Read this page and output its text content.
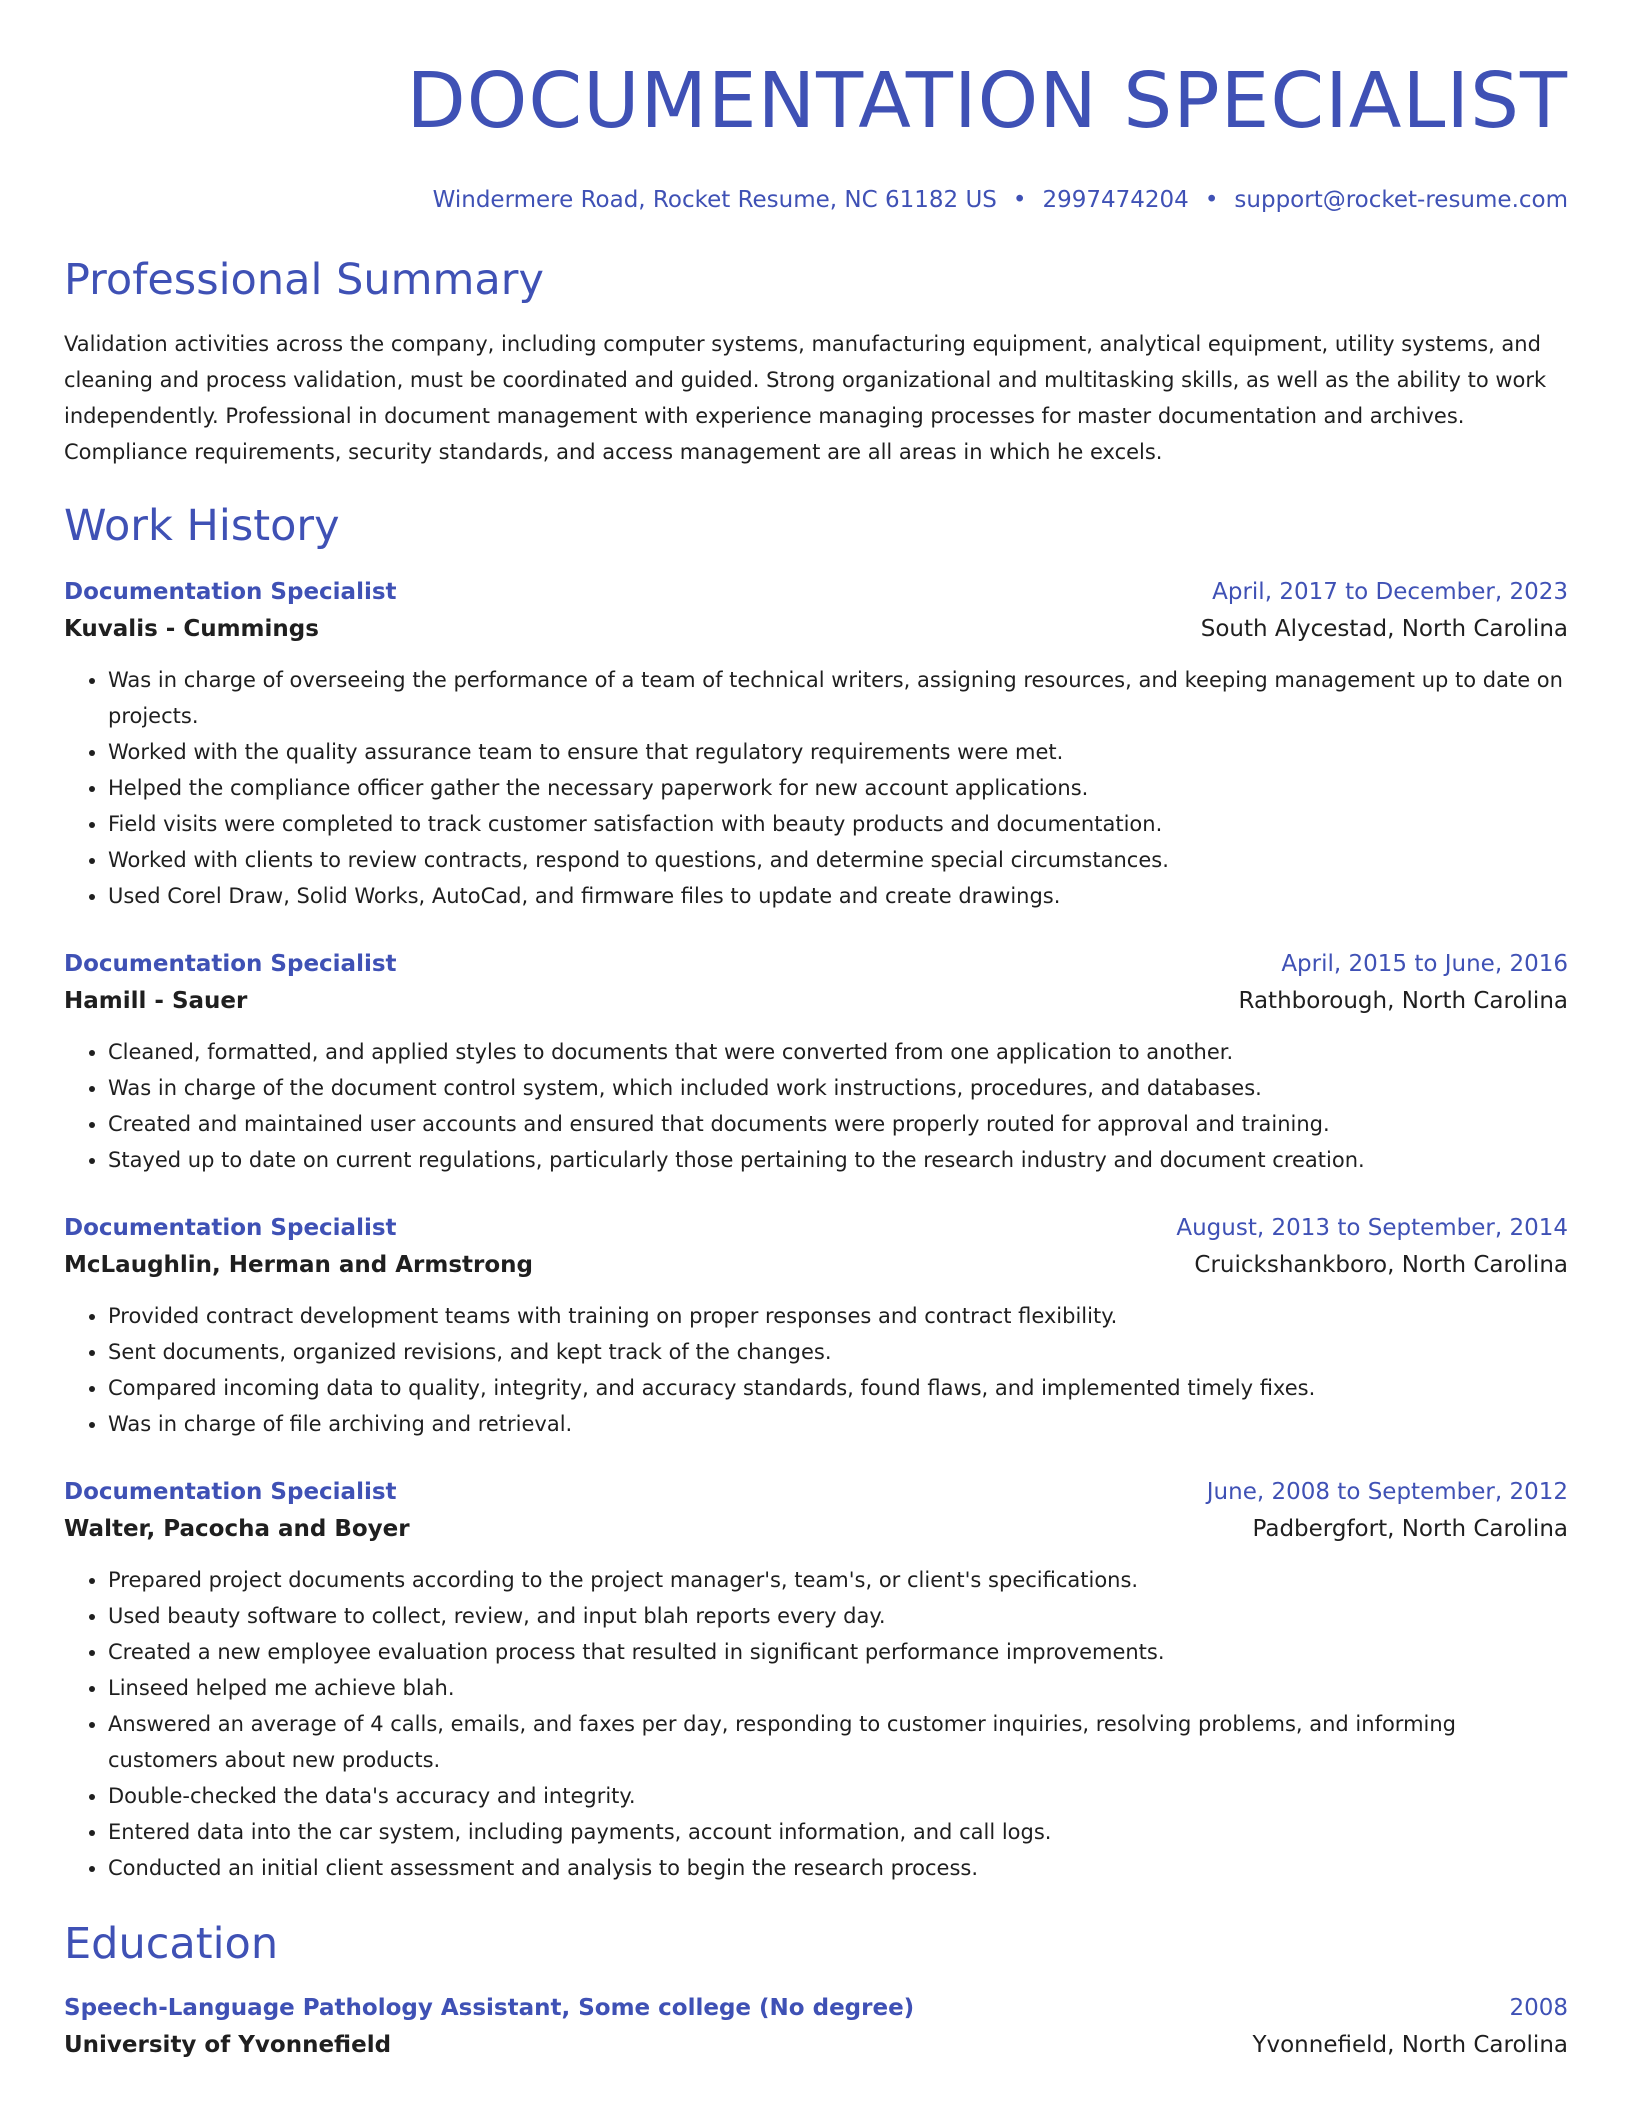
DOCUMENTATION SPECIALIST
Windermere Road, Rocket Resume, NC 61182 US • 2997474204 • support@rocket-resume.com
Professional Summary
Validation activities across the company, including computer systems, manufacturing equipment, analytical equipment, utility systems, and cleaning and process validation, must be coordinated and guided. Strong organizational and multitasking skills, as well as the ability to work independently. Professional in document management with experience managing processes for master documentation and archives. Compliance requirements, security standards, and access management are all areas in which he excels.
Work History
Documentation Specialist	April, 2017 to December, 2023
Kuvalis - Cummings	South Alycestad, North Carolina
• Was in charge of overseeing the performance of a team of technical writers, assigning resources, and keeping management up to date on projects.
• Worked with the quality assurance team to ensure that regulatory requirements were met.
• Helped the compliance officer gather the necessary paperwork for new account applications.
• Field visits were completed to track customer satisfaction with beauty products and documentation.
• Worked with clients to review contracts, respond to questions, and determine special circumstances.
• Used Corel Draw, Solid Works, AutoCad, and firmware files to update and create drawings.
Documentation Specialist	April, 2015 to June, 2016
Hamill - Sauer	Rathborough, North Carolina
• Cleaned, formatted, and applied styles to documents that were converted from one application to another.
• Was in charge of the document control system, which included work instructions, procedures, and databases.
• Created and maintained user accounts and ensured that documents were properly routed for approval and training.
• Stayed up to date on current regulations, particularly those pertaining to the research industry and document creation.
Documentation Specialist	August, 2013 to September, 2014
McLaughlin, Herman and Armstrong	Cruickshankboro, North Carolina
• Provided contract development teams with training on proper responses and contract flexibility.
• Sent documents, organized revisions, and kept track of the changes.
• Compared incoming data to quality, integrity, and accuracy standards, found flaws, and implemented timely fixes.
• Was in charge of file archiving and retrieval.
Documentation Specialist	June, 2008 to September, 2012
Walter, Pacocha and Boyer	Padbergfort, North Carolina
• Prepared project documents according to the project manager's, team's, or client's specifications.
• Used beauty software to collect, review, and input blah reports every day.
• Created a new employee evaluation process that resulted in significant performance improvements.
• Linseed helped me achieve blah.
• Answered an average of 4 calls, emails, and faxes per day, responding to customer inquiries, resolving problems, and informing customers about new products.
• Double-checked the data's accuracy and integrity.
• Entered data into the car system, including payments, account information, and call logs.
• Conducted an initial client assessment and analysis to begin the research process.
Education
Speech-Language Pathology Assistant, Some college (No degree)	2008
University of Yvonnefield	Yvonnefield, North Carolina
